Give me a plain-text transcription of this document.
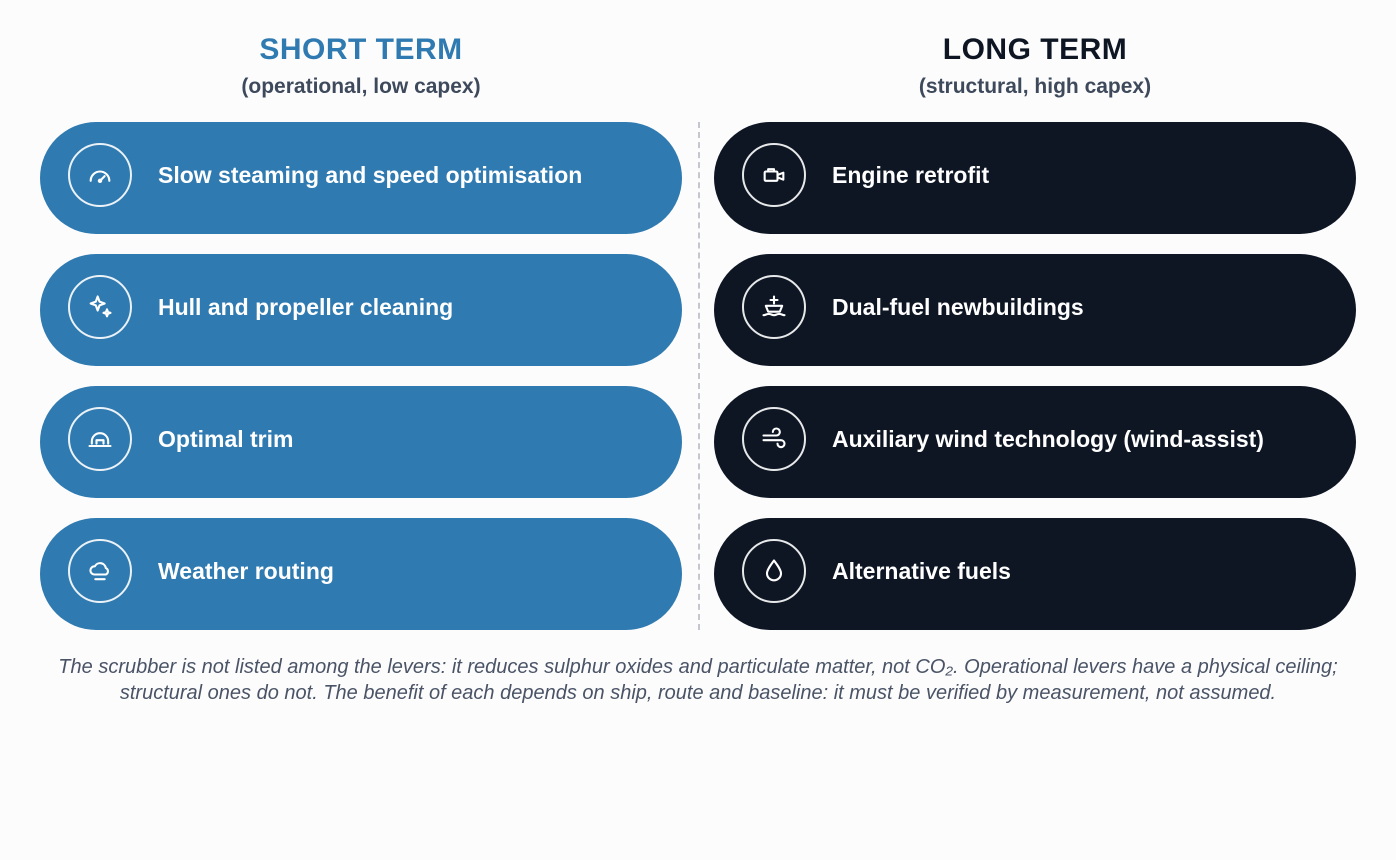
SHORT TERM
(operational, low capex)
LONG TERM
(structural, high capex)
Slow steaming and speed optimisation
Hull and propeller cleaning
Optimal trim
Weather routing
Engine retrofit
Dual-fuel newbuildings
Auxiliary wind technology (wind-assist)
Alternative fuels
The scrubber is not listed among the levers: it reduces sulphur oxides and particulate matter, not CO₂. Operational levers have a physical ceiling; structural ones do not. The benefit of each depends on ship, route and baseline: it must be verified by measurement, not assumed.
